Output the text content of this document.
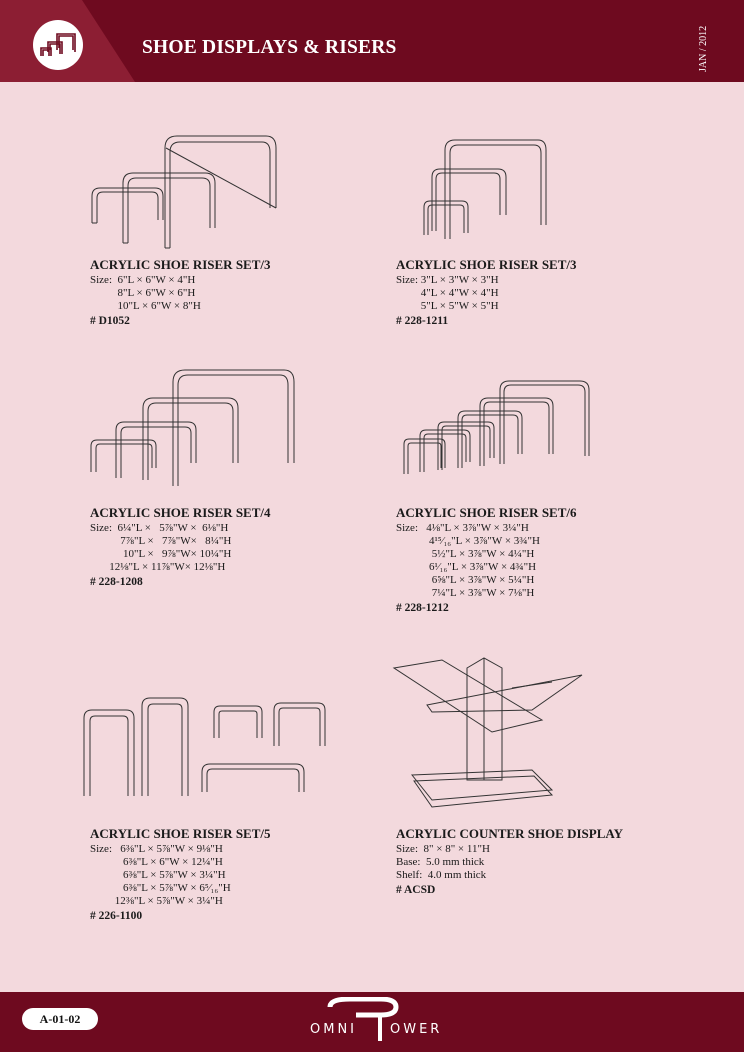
SHOE DISPLAYS & RISERS	JAN / 2012
ACRYLIC SHOE RISER SET/3
Size:  6"L × 6"W × 4"H
8"L × 6"W × 6"H
10"L × 6"W × 8"H
# D1052
ACRYLIC SHOE RISER SET/3
Size: 3"L × 3"W × 3"H
4"L × 4"W × 4"H
5"L × 5"W × 5"H
# 228-1211
ACRYLIC SHOE RISER SET/4
Size:  6¼"L ×   5⅞"W ×  6⅛"H
7⅞"L ×   7⅞"W×   8¼"H
10"L ×   9⅞"W× 10¼"H
12⅛"L × 11⅞"W× 12⅛"H
# 228-1208
ACRYLIC SHOE RISER SET/6
Size:   4⅛"L × 3⅞"W × 3¼"H
4¹⁵⁄₁₆"L × 3⅞"W × 3¾"H
5½"L × 3⅞"W × 4¼"H
6¹⁄₁₆"L × 3⅞"W × 4¾"H
6⅝"L × 3⅞"W × 5¼"H
7¼"L × 3⅞"W × 7⅛"H
# 228-1212
ACRYLIC SHOE RISER SET/5
Size:   6⅜"L × 5⅞"W × 9⅛"H
6⅜"L × 6"W × 12¼"H
6⅜"L × 5⅞"W × 3¼"H
6⅜"L × 5⅞"W × 6⁵⁄₁₆"H
12⅜"L × 5⅞"W × 3¼"H
# 226-1100
ACRYLIC COUNTER SHOE DISPLAY
Size:  8" × 8" × 11"H
Base:  5.0 mm thick
Shelf:  4.0 mm thick
# ACSD
A-01-02
OMNI	OWER
